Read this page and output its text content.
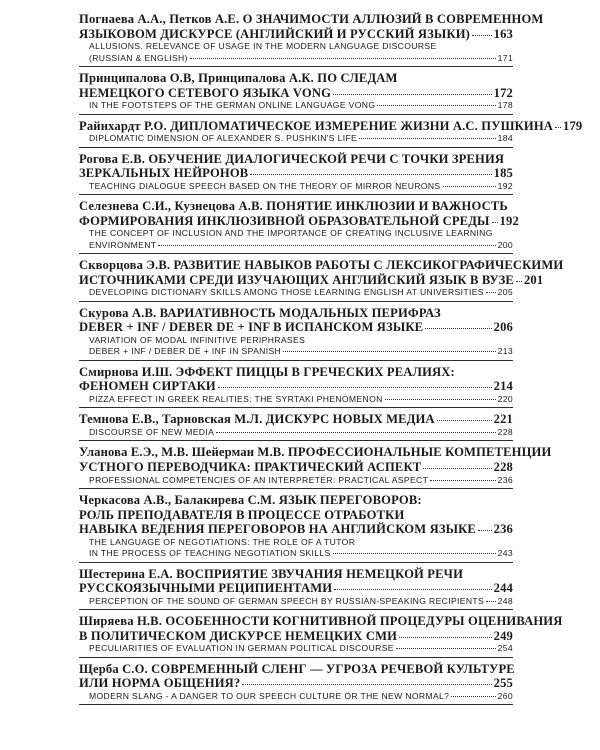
Погнаева А.А., Петков А.Е. О ЗНАЧИМОСТИ АЛЛЮЗИЙ В СОВРЕМЕННОМ
ЯЗЫКОВОМ ДИСКУРСЕ (АНГЛИЙСКИЙ И РУССКИЙ ЯЗЫКИ) 163
ALLUSIONS. RELEVANCE OF USAGE IN THE MODERN LANGUAGE DISCOURSE
(RUSSIAN & ENGLISH)	171
Принципалова О.В, Принципалова А.К. ПО СЛЕДАМ
НЕМЕЦКОГО СЕТЕВОГО ЯЗЫКА VONG	172
IN THE FOOTSTEPS OF THE GERMAN ONLINE LANGUAGE VONG	178
Райнхардт Р.О. ДИПЛОМАТИЧЕСКОЕ ИЗМЕРЕНИЕ ЖИЗНИ А.С. ПУШКИНА 179
DIPLOMATIC DIMENSION OF ALEXANDER S. PUSHKIN'S LIFE	184
Рогова Е.В. ОБУЧЕНИЕ ДИАЛОГИЧЕСКОЙ РЕЧИ С ТОЧКИ ЗРЕНИЯ
ЗЕРКАЛЬНЫХ НЕЙРОНОВ	185
TEACHING DIALOGUE SPEECH BASED ON THE THEORY OF MIRROR NEURONS	192
Селезнева С.И., Кузнецова А.В. ПОНЯТИЕ ИНКЛЮЗИИ И ВАЖНОСТЬ
ФОРМИРОВАНИЯ ИНКЛЮЗИВНОЙ ОБРАЗОВАТЕЛЬНОЙ СРЕДЫ 192
THE CONCEPT OF INCLUSION AND THE IMPORTANCE OF CREATING INCLUSIVE LEARNING
ENVIRONMENT	200
Скворцова Э.В. РАЗВИТИЕ НАВЫКОВ РАБОТЫ С ЛЕКСИКОГРАФИЧЕСКИМИ
ИСТОЧНИКАМИ СРЕДИ ИЗУЧАЮЩИХ АНГЛИЙСКИЙ ЯЗЫК В ВУЗЕ 201
DEVELOPING DICTIONARY SKILLS AMONG THOSE LEARNING ENGLISH AT UNIVERSITIES 205
Скурова А.В. ВАРИАТИВНОСТЬ МОДАЛЬНЫХ ПЕРИФРАЗ
DEBER + INF / DEBER DE + INF В ИСПАНСКОМ ЯЗЫКЕ	206
VARIATION OF MODAL INFINITIVE PERIPHRASES
DEBER + INF / DEBER DE + INF IN SPANISH	213
Смирнова И.Ш. ЭФФЕКТ ПИЦЦЫ В ГРЕЧЕСКИХ РЕАЛИЯХ:
ФЕНОМЕН СИРТАКИ	214
PIZZA EFFECT IN GREEK REALITIES: THE SYRTAKI PHENOMENON	220
Темнова Е.В., Тарновская М.Л. ДИСКУРС НОВЫХ МЕДИА	221
DISCOURSE OF NEW MEDIA	228
Уланова Е.Э., М.В. Шейерман М.В. ПРОФЕССИОНАЛЬНЫЕ КОМПЕТЕНЦИИ
УСТНОГО ПЕРЕВОДЧИКА: ПРАКТИЧЕСКИЙ АСПЕКТ	228
PROFESSIONAL COMPETENCIES OF AN INTERPRETER: PRACTICAL ASPECT	236
Черкасова А.В., Балакирева С.М. ЯЗЫК ПЕРЕГОВОРОВ:
РОЛЬ ПРЕПОДАВАТЕЛЯ В ПРОЦЕССЕ ОТРАБОТКИ
НАВЫКА ВЕДЕНИЯ ПЕРЕГОВОРОВ НА АНГЛИЙСКОМ ЯЗЫКЕ 236
THE LANGUAGE OF NEGOTIATIONS: THE ROLE OF A TUTOR
IN THE PROCESS OF TEACHING NEGOTIATION SKILLS	243
Шестерина Е.А. ВОСПРИЯТИЕ ЗВУЧАНИЯ НЕМЕЦКОЙ РЕЧИ
РУССКОЯЗЫЧНЫМИ РЕЦИПИЕНТАМИ	244
PERCEPTION OF THE SOUND OF GERMAN SPEECH BY RUSSIAN-SPEAKING RECIPIENTS 248
Ширяева Н.В. ОСОБЕННОСТИ КОГНИТИВНОЙ ПРОЦЕДУРЫ ОЦЕНИВАНИЯ
В ПОЛИТИЧЕСКОМ ДИСКУРСЕ НЕМЕЦКИХ СМИ	249
PECULIARITIES OF EVALUATION IN GERMAN POLITICAL DISCOURSE	254
Щерба С.О. СОВРЕМЕННЫЙ СЛЕНГ — УГРОЗА РЕЧЕВОЙ КУЛЬТУРЕ
ИЛИ НОРМА ОБЩЕНИЯ?	255
MODERN SLANG - A DANGER TO OUR SPEECH CULTURE OR THE NEW NORMAL?	260
